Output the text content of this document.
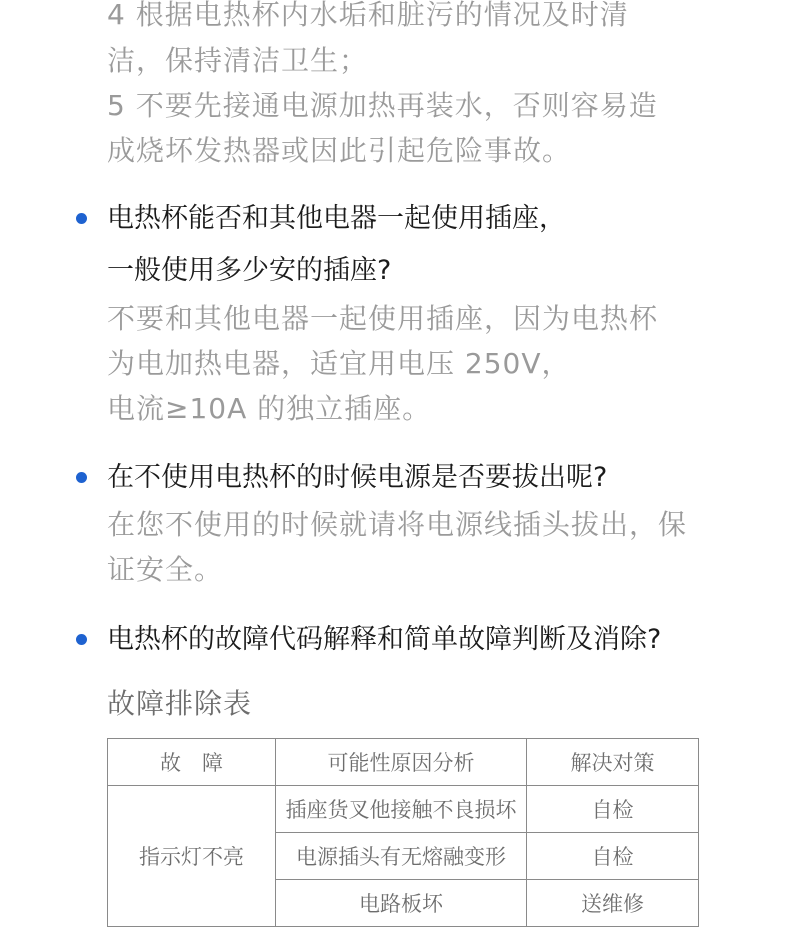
4 根据电热杯内水垢和脏污的情况及时清
洁，保持清洁卫生；
5 不要先接通电源加热再装水，否则容易造
成烧坏发热器或因此引起危险事故。
电热杯能否和其他电器一起使用插座，
一般使用多少安的插座?
不要和其他电器一起使用插座，因为电热杯
为电加热电器，适宜用电压 250V，
电流≥10A 的独立插座。
在不使用电热杯的时候电源是否要拔出呢?
在您不使用的时候就请将电源线插头拔出，保
证安全。
电热杯的故障代码解释和简单故障判断及消除?
故障排除表
故　障	可能性原因分析	解决对策
指示灯不亮	插座货叉他接触不良损坏	自检
	电源插头有无熔融变形	自检
	电路板坏	送维修
